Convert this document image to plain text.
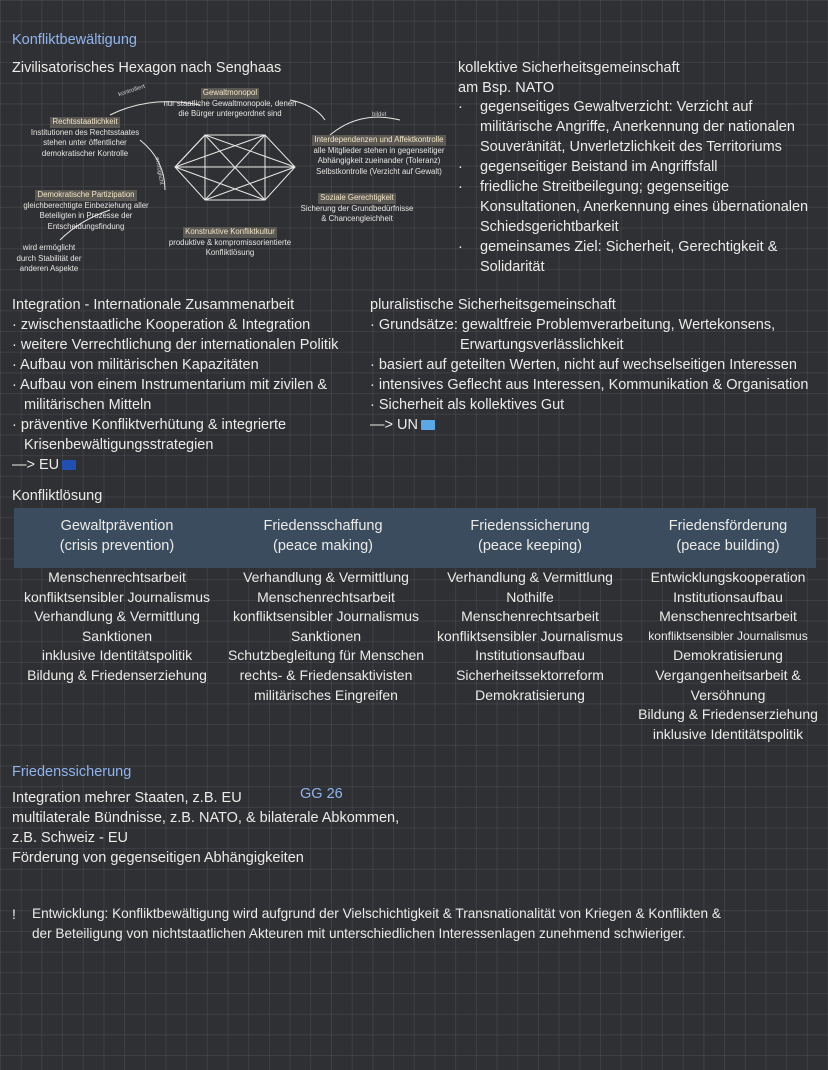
Konfliktbewältigung
Zivilisatorisches Hexagon nach Senghaas
kontrolliert
bildet
ermöglicht
Gewaltmonopol
nur staatliche Gewaltmonopole, denen
die Bürger untergeordnet sind
Rechtsstaatlichkeit
Institutionen des Rechtsstaates
stehen unter öffentlicher
demokratischer Kontrolle
Interdependenzen und Affektkontrolle
alle Mitglieder stehen in gegenseitiger
Abhängigkeit zueinander (Toleranz)
Selbstkontrolle (Verzicht auf Gewalt)
Demokratische Partizipation
gleichberechtigte Einbeziehung aller
Beteiligten in Prozesse der
Entscheidungsfindung
Soziale Gerechtigkeit
Sicherung der Grundbedürfnisse
& Chancengleichheit
Konstruktive Konfliktkultur
produktive & kompromissorientierte
Konfliktlösung
wird ermöglicht
durch Stabilität der
anderen Aspekte
kollektive Sicherheitsgemeinschaft
am Bsp. NATO
· gegenseitiges Gewaltverzicht: Verzicht auf
militärische Angriffe, Anerkennung der nationalen
Souveränität, Unverletzlichkeit des Territoriums
· gegenseitiger Beistand im Angriffsfall
· friedliche Streitbeilegung; gegenseitige
Konsultationen, Anerkennung eines übernationalen
Schiedsgerichtbarkeit
· gemeinsames Ziel: Sicherheit, Gerechtigkeit &
Solidarität
Integration - Internationale Zusammenarbeit
· zwischenstaatliche Kooperation & Integration
· weitere Verrechtlichung der internationalen Politik
· Aufbau von militärischen Kapazitäten
· Aufbau von einem Instrumentarium mit zivilen &
militärischen Mitteln
· präventive Konfliktverhütung & integrierte
Krisenbewältigungsstrategien
—> EU
pluralistische Sicherheitsgemeinschaft
· Grundsätze: gewaltfreie Problemverarbeitung, Wertekonsens,
Erwartungsverlässlichkeit
· basiert auf geteilten Werten, nicht auf wechselseitigen Interessen
· intensives Geflecht aus Interessen, Kommunikation & Organisation
· Sicherheit als kollektives Gut
—> UN
Konfliktlösung
Gewaltprävention
(crisis prevention)
Friedensschaffung
(peace making)
Friedenssicherung
(peace keeping)
Friedensförderung
(peace building)
Menschenrechtsarbeit
konfliktsensibler Journalismus
Verhandlung & Vermittlung
Sanktionen
inklusive Identitätspolitik
Bildung & Friedenserziehung
Verhandlung & Vermittlung
Menschenrechtsarbeit
konfliktsensibler Journalismus
Sanktionen
Schutzbegleitung für Menschen
rechts- & Friedensaktivisten
militärisches Eingreifen
Verhandlung & Vermittlung
Nothilfe
Menschenrechtsarbeit
konfliktsensibler Journalismus
Institutionsaufbau
Sicherheitssektorreform
Demokratisierung
Entwicklungskooperation
Institutionsaufbau
Menschenrechtsarbeit
konfliktsensibler Journalismus
Demokratisierung
Vergangenheitsarbeit &
Versöhnung
Bildung & Friedenserziehung
inklusive Identitätspolitik
Friedenssicherung
GG 26
Integration mehrer Staaten, z.B. EU
multilaterale Bündnisse, z.B. NATO, & bilaterale Abkommen,
z.B. Schweiz - EU
Förderung von gegenseitigen Abhängigkeiten
! Entwicklung: Konfliktbewältigung wird aufgrund der Vielschichtigkeit & Transnationalität von Kriegen & Konflikten &
der Beteiligung von nichtstaatlichen Akteuren mit unterschiedlichen Interessenlagen zunehmend schwieriger.
